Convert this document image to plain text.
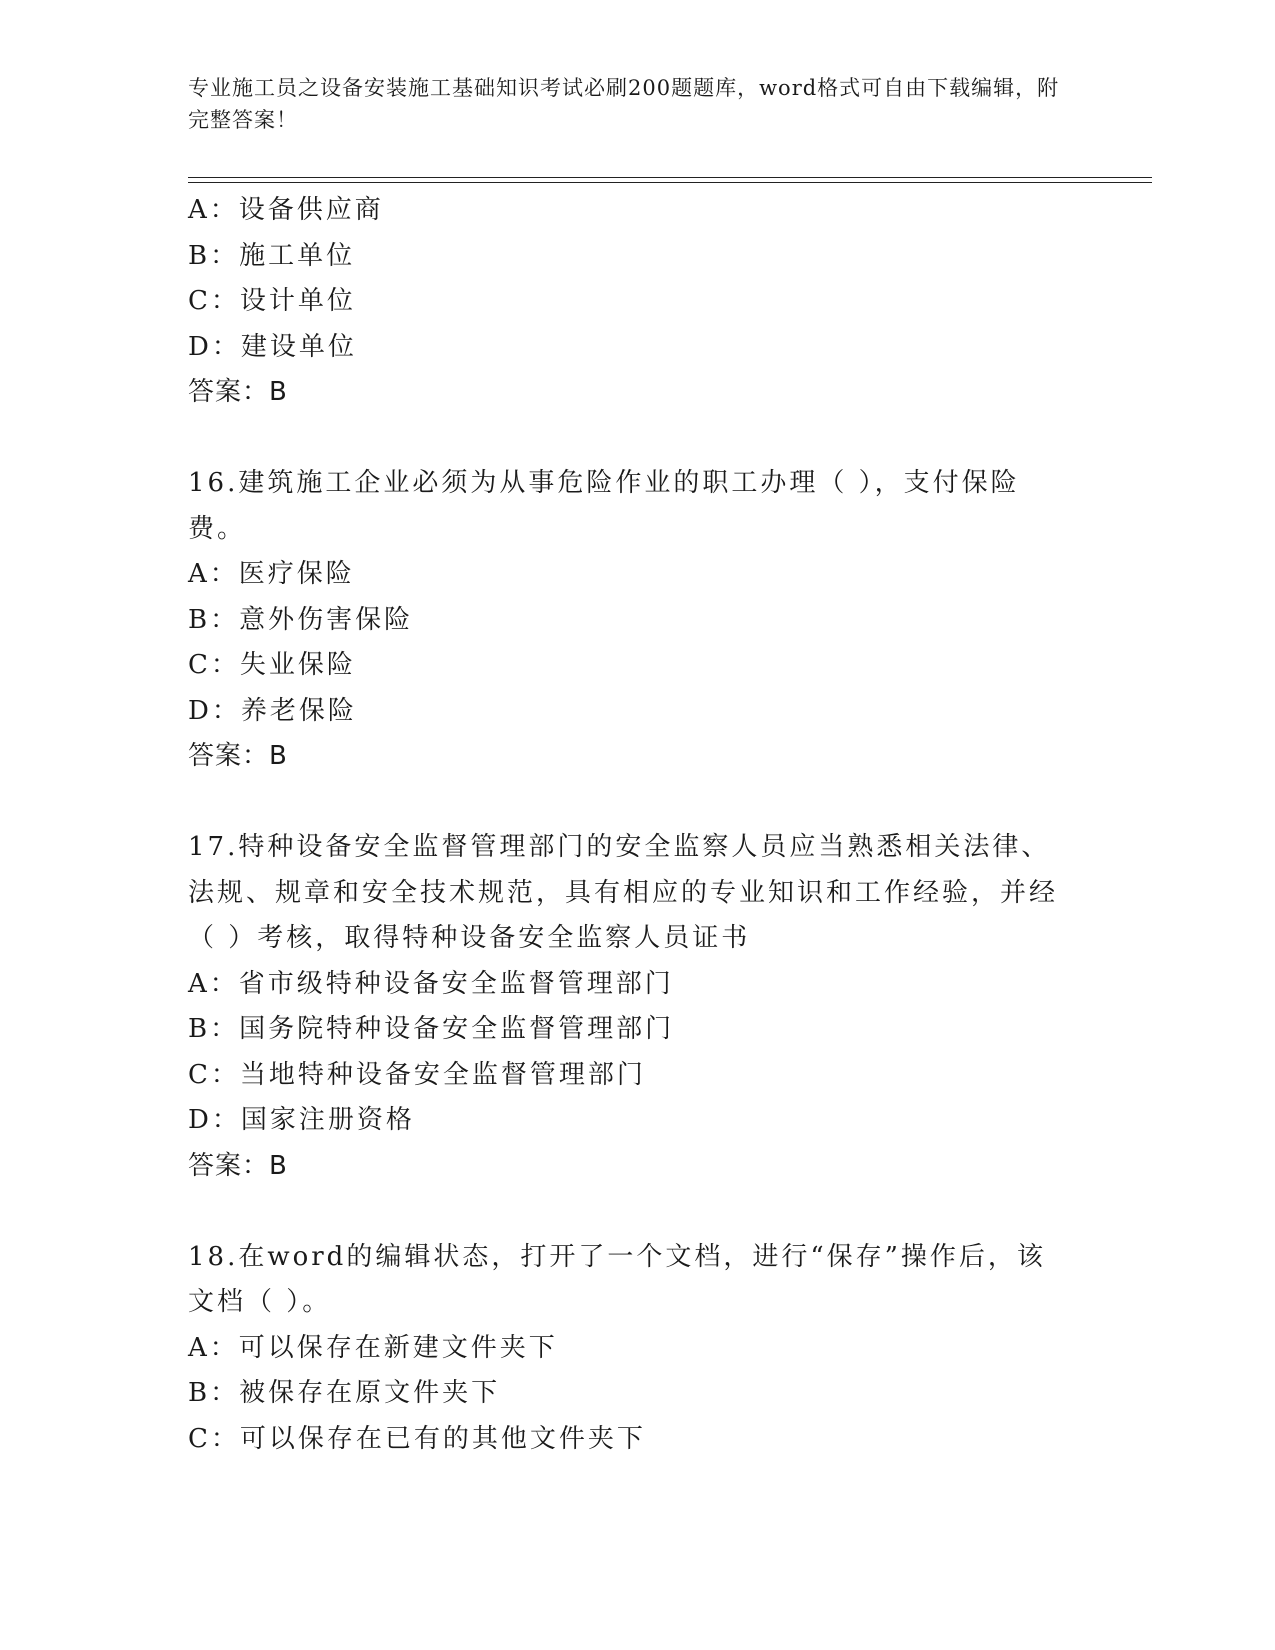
专业施工员之设备安装施工基础知识考试必刷200题题库，word格式可自由下载编辑，附完整答案！
A：设备供应商
B：施工单位
C：设计单位
D：建设单位
答案：B
16.建筑施工企业必须为从事危险作业的职工办理（ ），支付保险费。
A：医疗保险
B：意外伤害保险
C：失业保险
D：养老保险
答案：B
17.特种设备安全监督管理部门的安全监察人员应当熟悉相关法律、法规、规章和安全技术规范，具有相应的专业知识和工作经验，并经（ ）考核，取得特种设备安全监察人员证书
A：省市级特种设备安全监督管理部门
B：国务院特种设备安全监督管理部门
C：当地特种设备安全监督管理部门
D：国家注册资格
答案：B
18.在word的编辑状态，打开了一个文档，进行“保存”操作后，该文档（ ）。
A：可以保存在新建文件夹下
B：被保存在原文件夹下
C：可以保存在已有的其他文件夹下
